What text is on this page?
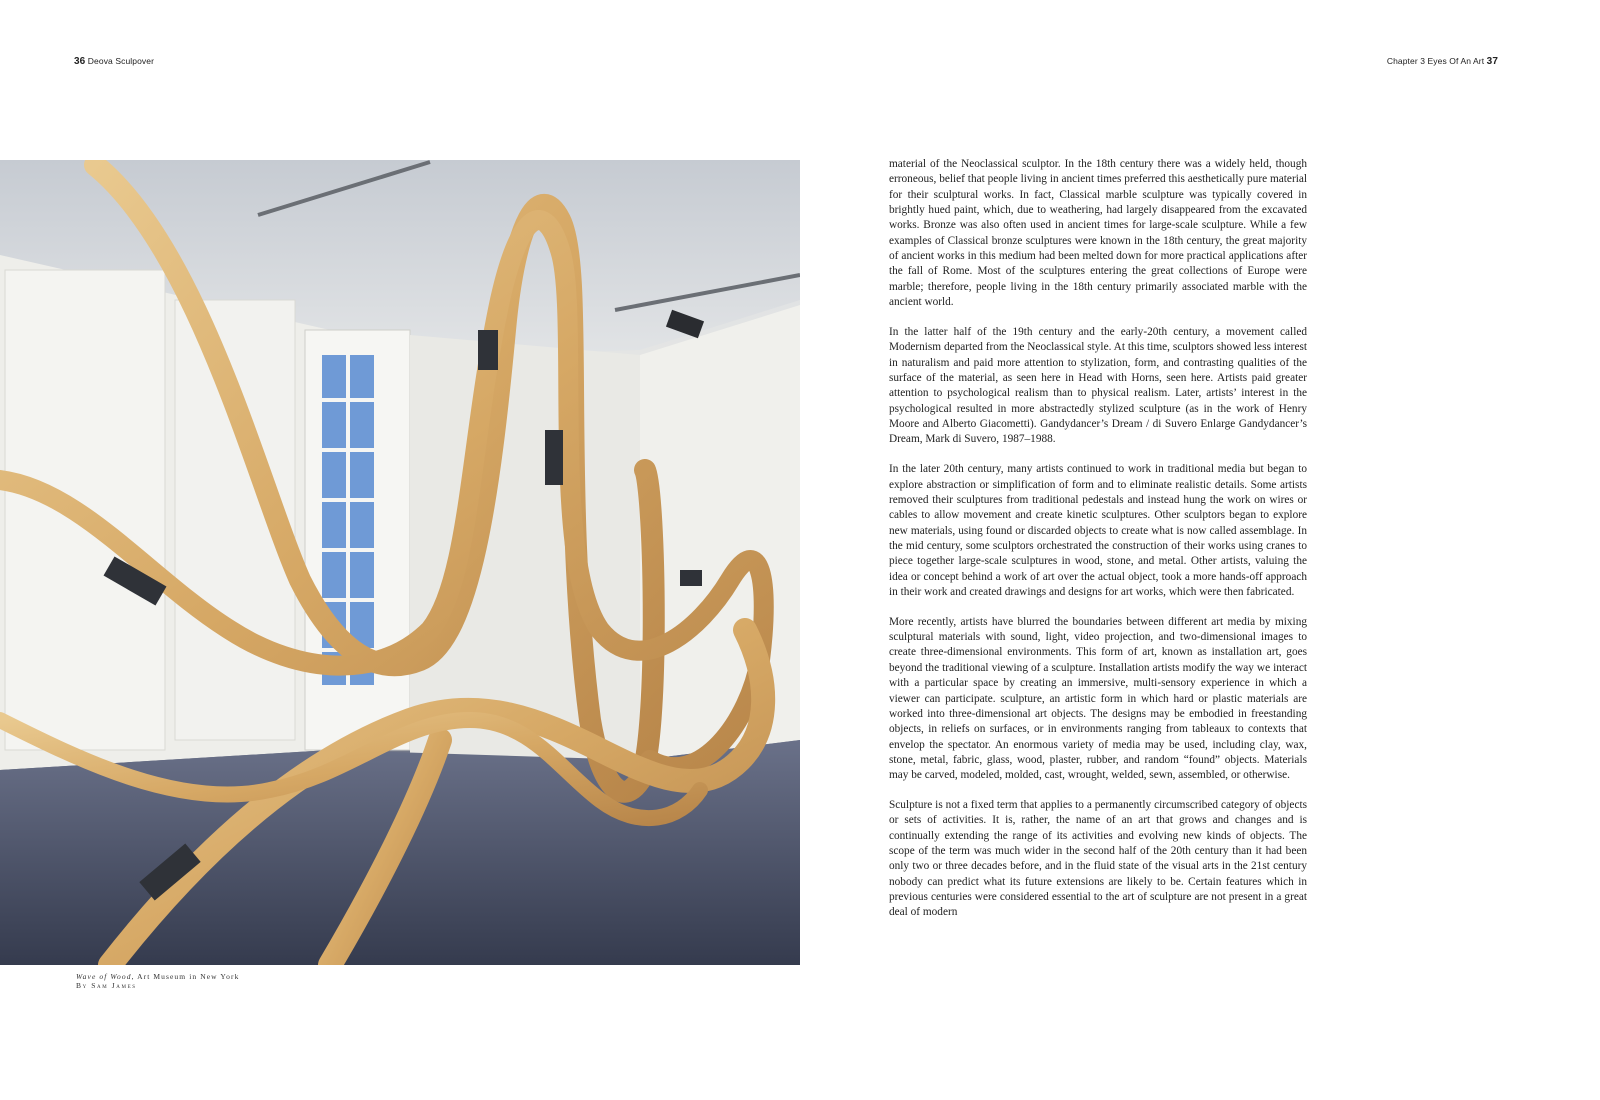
36 Deova Sculpover	Chapter 3 Eyes Of An Art 37
Wave of Wood, Art Museum in New York
By Sam James

material of the Neoclassical sculptor. In the 18th century there was a widely held, though erroneous, belief that people living in ancient times preferred this aesthetically pure material for their sculptural works. In fact, Classical marble sculpture was typically covered in brightly hued paint, which, due to weathering, had largely disappeared from the excavated works. Bronze was also often used in ancient times for large-scale sculpture. While a few examples of Classical bronze sculptures were known in the 18th century, the great majority of ancient works in this medium had been melted down for more practical applications after the fall of Rome. Most of the sculptures entering the great collections of Europe were marble; therefore, people living in the 18th century primarily associated marble with the ancient world.

In the latter half of the 19th century and the early-20th century, a movement called Modernism departed from the Neoclassical style. At this time, sculptors showed less interest in naturalism and paid more attention to stylization, form, and contrasting qualities of the surface of the material, as seen here in Head with Horns, seen here. Artists paid greater attention to psychological realism than to physical realism. Later, artists’ interest in the psychological resulted in more abstractedly stylized sculpture (as in the work of Henry Moore and Alberto Giacometti). Gandydancer’s Dream / di Suvero Enlarge Gandydancer’s Dream, Mark di Suvero, 1987–1988.

In the later 20th century, many artists continued to work in traditional media but began to explore abstraction or simplification of form and to eliminate realistic details. Some artists removed their sculptures from traditional pedestals and instead hung the work on wires or cables to allow movement and create kinetic sculptures. Other sculptors began to explore new materials, using found or discarded objects to create what is now called assemblage. In the mid century, some sculptors orchestrated the construction of their works using cranes to piece together large-scale sculptures in wood, stone, and metal. Other artists, valuing the idea or concept behind a work of art over the actual object, took a more hands-off approach in their work and created drawings and designs for art works, which were then fabricated.

More recently, artists have blurred the boundaries between different art media by mixing sculptural materials with sound, light, video projection, and two-dimensional images to create three-dimensional environments. This form of art, known as installation art, goes beyond the traditional viewing of a sculpture. Installation artists modify the way we interact with a particular space by creating an immersive, multi-sensory experience in which a viewer can participate. sculpture, an artistic form in which hard or plastic materials are worked into three-dimensional art objects. The designs may be embodied in freestanding objects, in reliefs on surfaces, or in environments ranging from tableaux to contexts that envelop the spectator. An enormous variety of media may be used, including clay, wax, stone, metal, fabric, glass, wood, plaster, rubber, and random “found” objects. Materials may be carved, modeled, molded, cast, wrought, welded, sewn, assembled, or otherwise.

Sculpture is not a fixed term that applies to a permanently circumscribed category of objects or sets of activities. It is, rather, the name of an art that grows and changes and is continually extending the range of its activities and evolving new kinds of objects. The scope of the term was much wider in the second half of the 20th century than it had been only two or three decades before, and in the fluid state of the visual arts in the 21st century nobody can predict what its future extensions are likely to be. Certain features which in previous centuries were considered essential to the art of sculpture are not present in a great deal of modern
